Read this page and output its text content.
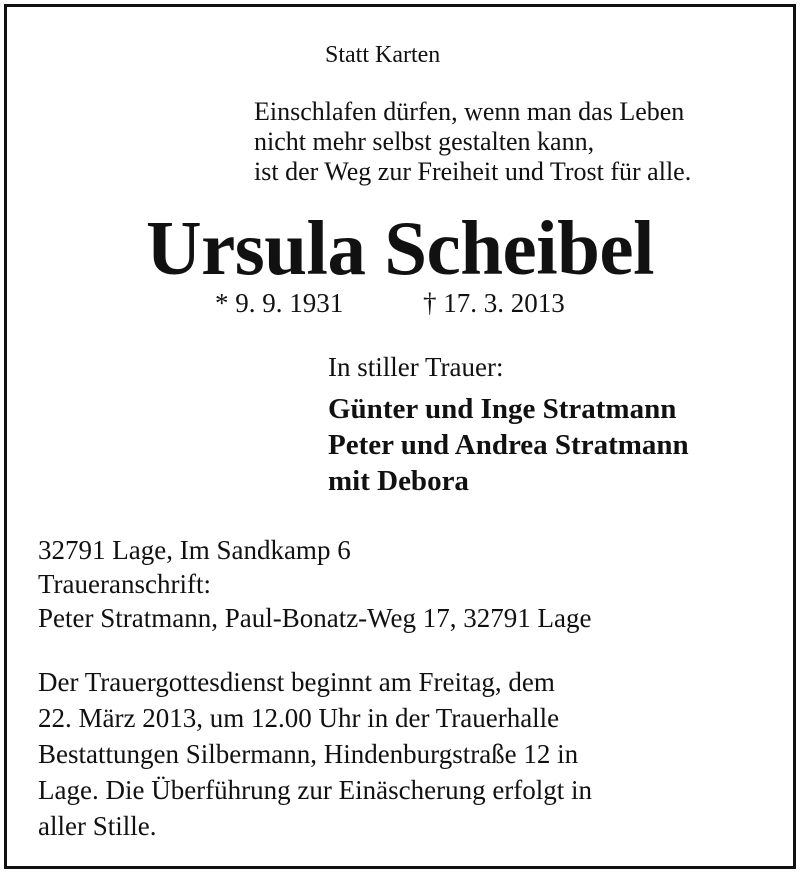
Statt Karten
Einschlafen dürfen, wenn man das Leben
nicht mehr selbst gestalten kann,
ist der Weg zur Freiheit und Trost für alle.
Ursula Scheibel
* 9. 9. 1931	† 17. 3. 2013
In stiller Trauer:
Günter und Inge Stratmann
Peter und Andrea Stratmann
mit Debora
32791 Lage, Im Sandkamp 6
Traueranschrift:
Peter Stratmann, Paul-Bonatz-Weg 17, 32791 Lage
Der Trauergottesdienst beginnt am Freitag, dem
22. März 2013, um 12.00 Uhr in der Trauerhalle
Bestattungen Silbermann, Hindenburgstraße 12 in
Lage. Die Überführung zur Einäscherung erfolgt in
aller Stille.
